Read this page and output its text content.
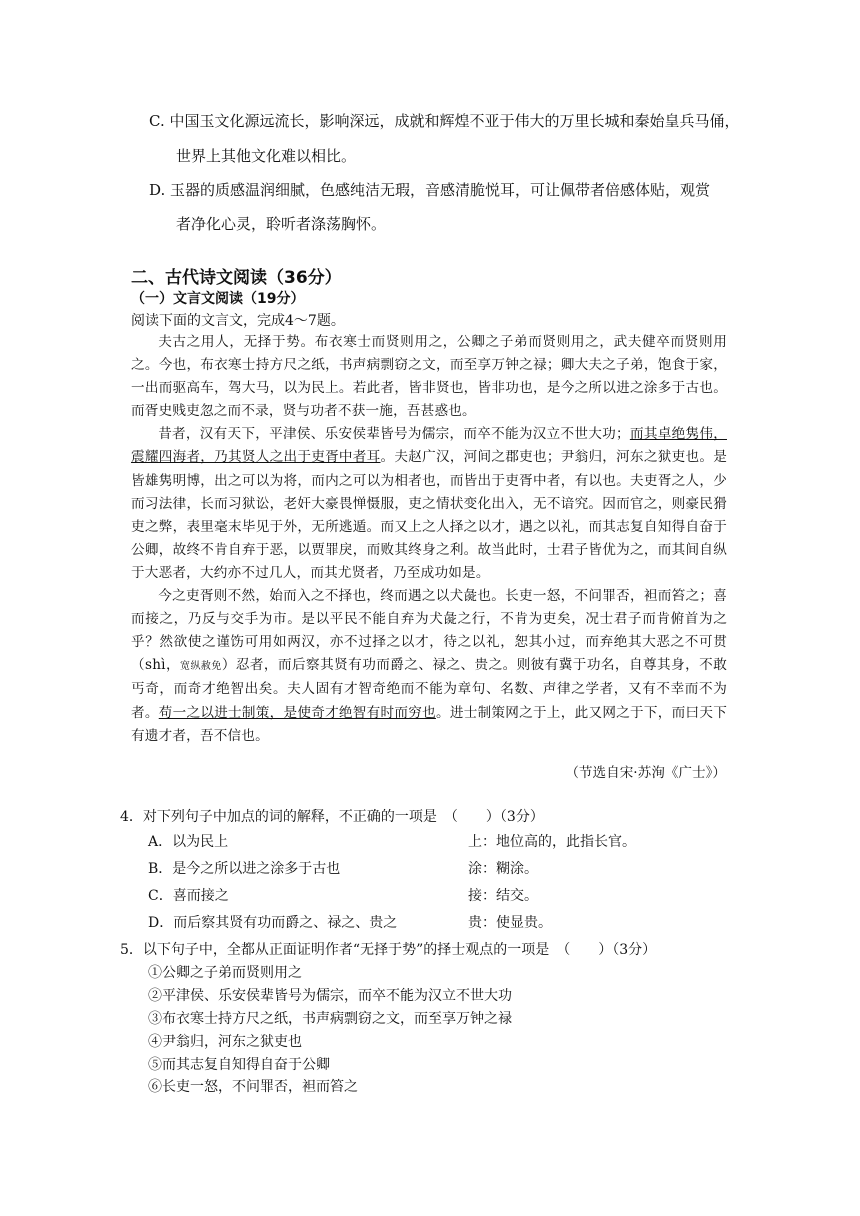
C. 中国玉文化源远流长，影响深远，成就和辉煌不亚于伟大的万里长城和秦始皇兵马俑，
世界上其他文化难以相比。
D. 玉器的质感温润细腻，色感纯洁无瑕，音感清脆悦耳，可让佩带者倍感体贴，观赏
者净化心灵，聆听者涤荡胸怀。
二、古代诗文阅读（36分）
（一）文言文阅读（19分）
阅读下面的文言文，完成4～7题。

夫古之用人，无择于势。布衣寒士而贤则用之，公卿之子弟而贤则用之，武夫健卒而贤则用之。今也，布衣寒士持方尺之纸，书声病剽窃之文，而至享万钟之禄；卿大夫之子弟，饱食于家，一出而驱高车，驾大马，以为民上。若此者，皆非贤也，皆非功也，是今之所以进之涂多于古也。而胥史贱吏忽之而不录，贤与功者不获一施，吾甚惑也。

昔者，汉有天下，平津侯、乐安侯辈皆号为儒宗，而卒不能为汉立不世大功；而其卓绝隽伟，震耀四海者，乃其贤人之出于吏胥中者耳。夫赵广汉，河间之郡吏也；尹翁归，河东之狱吏也。是皆雄隽明博，出之可以为将，而内之可以为相者也，而皆出于吏胥中者，有以也。夫吏胥之人，少而习法律，长而习狱讼，老奸大豪畏惮慑服，吏之情状变化出入，无不谙究。因而官之，则豪民猾吏之弊，表里毫末毕见于外，无所逃遁。而又上之人择之以才，遇之以礼，而其志复自知得自奋于公卿，故终不肯自弃于恶，以贾罪戾，而败其终身之利。故当此时，士君子皆优为之，而其间自纵于大恶者，大约亦不过几人，而其尤贤者，乃至成功如是。

今之吏胥则不然，始而入之不择也，终而遇之以犬彘也。长吏一怒，不问罪否，袒而笞之；喜而接之，乃反与交手为市。是以平民不能自弃为犬彘之行，不肯为吏矣，况士君子而肯俯首为之乎？然欲使之谨饬可用如两汉，亦不过择之以才，待之以礼，恕其小过，而弃绝其大恶之不可贯（shì，宽纵赦免）忍者，而后察其贤有功而爵之、禄之、贵之。则彼有冀于功名，自尊其身，不敢丐奇，而奇才绝智出矣。夫人固有才智奇绝而不能为章句、名数、声律之学者，又有不幸而不为者。苟一之以进士制策，是使奇才绝智有时而穷也。进士制策网之于上，此又网之于下，而曰天下有遗才者，吾不信也。

（节选自宋·苏洵《广士》）
4．对下列句子中加点的词的解释，不正确的一项是　（　　）（3分）
A．以为民上	上：地位高的，此指长官。
B．是今之所以进之涂多于古也	涂：糊涂。
C．喜而接之	接：结交。
D．而后察其贤有功而爵之、禄之、贵之	贵：使显贵。
5．以下句子中，全都从正面证明作者“无择于势”的择士观点的一项是　（　　）（3分）
①公卿之子弟而贤则用之
②平津侯、乐安侯辈皆号为儒宗，而卒不能为汉立不世大功
③布衣寒士持方尺之纸，书声病剽窃之文，而至享万钟之禄
④尹翁归，河东之狱吏也
⑤而其志复自知得自奋于公卿
⑥长吏一怒，不问罪否，袒而笞之
